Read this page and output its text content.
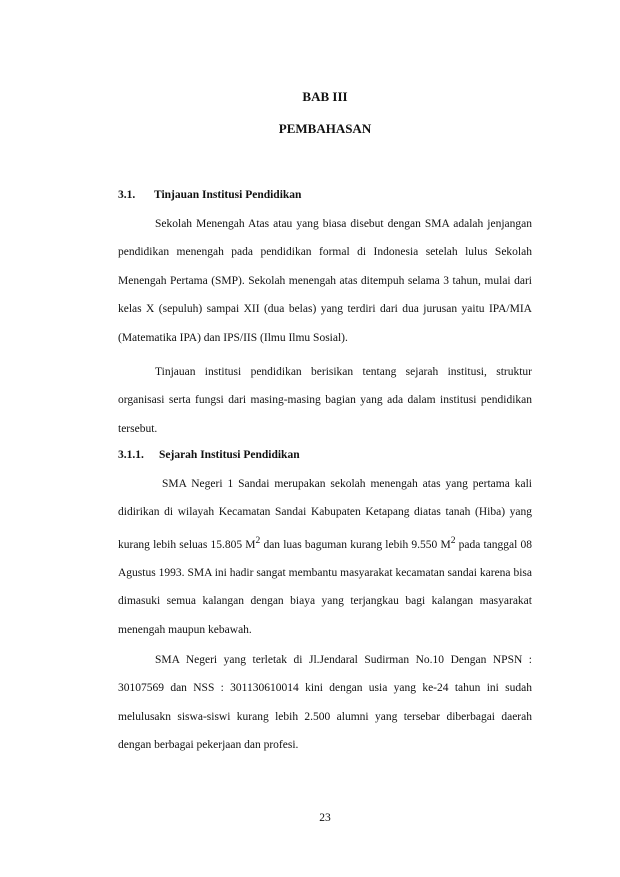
BAB III
PEMBAHASAN
3.1. Tinjauan Institusi Pendidikan

Sekolah Menengah Atas atau yang biasa disebut dengan SMA adalah jenjangan pendidikan menengah pada pendidikan formal di Indonesia setelah lulus Sekolah Menengah Pertama (SMP). Sekolah menengah atas ditempuh selama 3 tahun, mulai dari kelas X (sepuluh) sampai XII (dua belas) yang terdiri dari dua jurusan yaitu IPA/MIA (Matematika IPA) dan IPS/IIS (Ilmu Ilmu Sosial).

Tinjauan institusi pendidikan berisikan tentang sejarah institusi, struktur organisasi serta fungsi dari masing-masing bagian yang ada dalam institusi pendidikan tersebut.

3.1.1. Sejarah Institusi Pendidikan

SMA Negeri 1 Sandai merupakan sekolah menengah atas yang pertama kali didirikan di wilayah Kecamatan Sandai Kabupaten Ketapang diatas tanah (Hiba) yang kurang lebih seluas 15.805 $M^2$ dan luas baguman kurang lebih 9.550 $M^2$ pada tanggal 08 Agustus 1993. SMA ini hadir sangat membantu masyarakat kecamatan sandai karena bisa dimasuki semua kalangan dengan biaya yang terjangkau bagi kalangan masyarakat menengah maupun kebawah.

SMA Negeri yang terletak di Jl.Jendaral Sudirman No.10 Dengan NPSN : 30107569 dan NSS : 301130610014 kini dengan usia yang ke-24 tahun ini sudah melulusakn siswa-siswi kurang lebih 2.500 alumni yang tersebar diberbagai daerah dengan berbagai pekerjaan dan profesi.

23
